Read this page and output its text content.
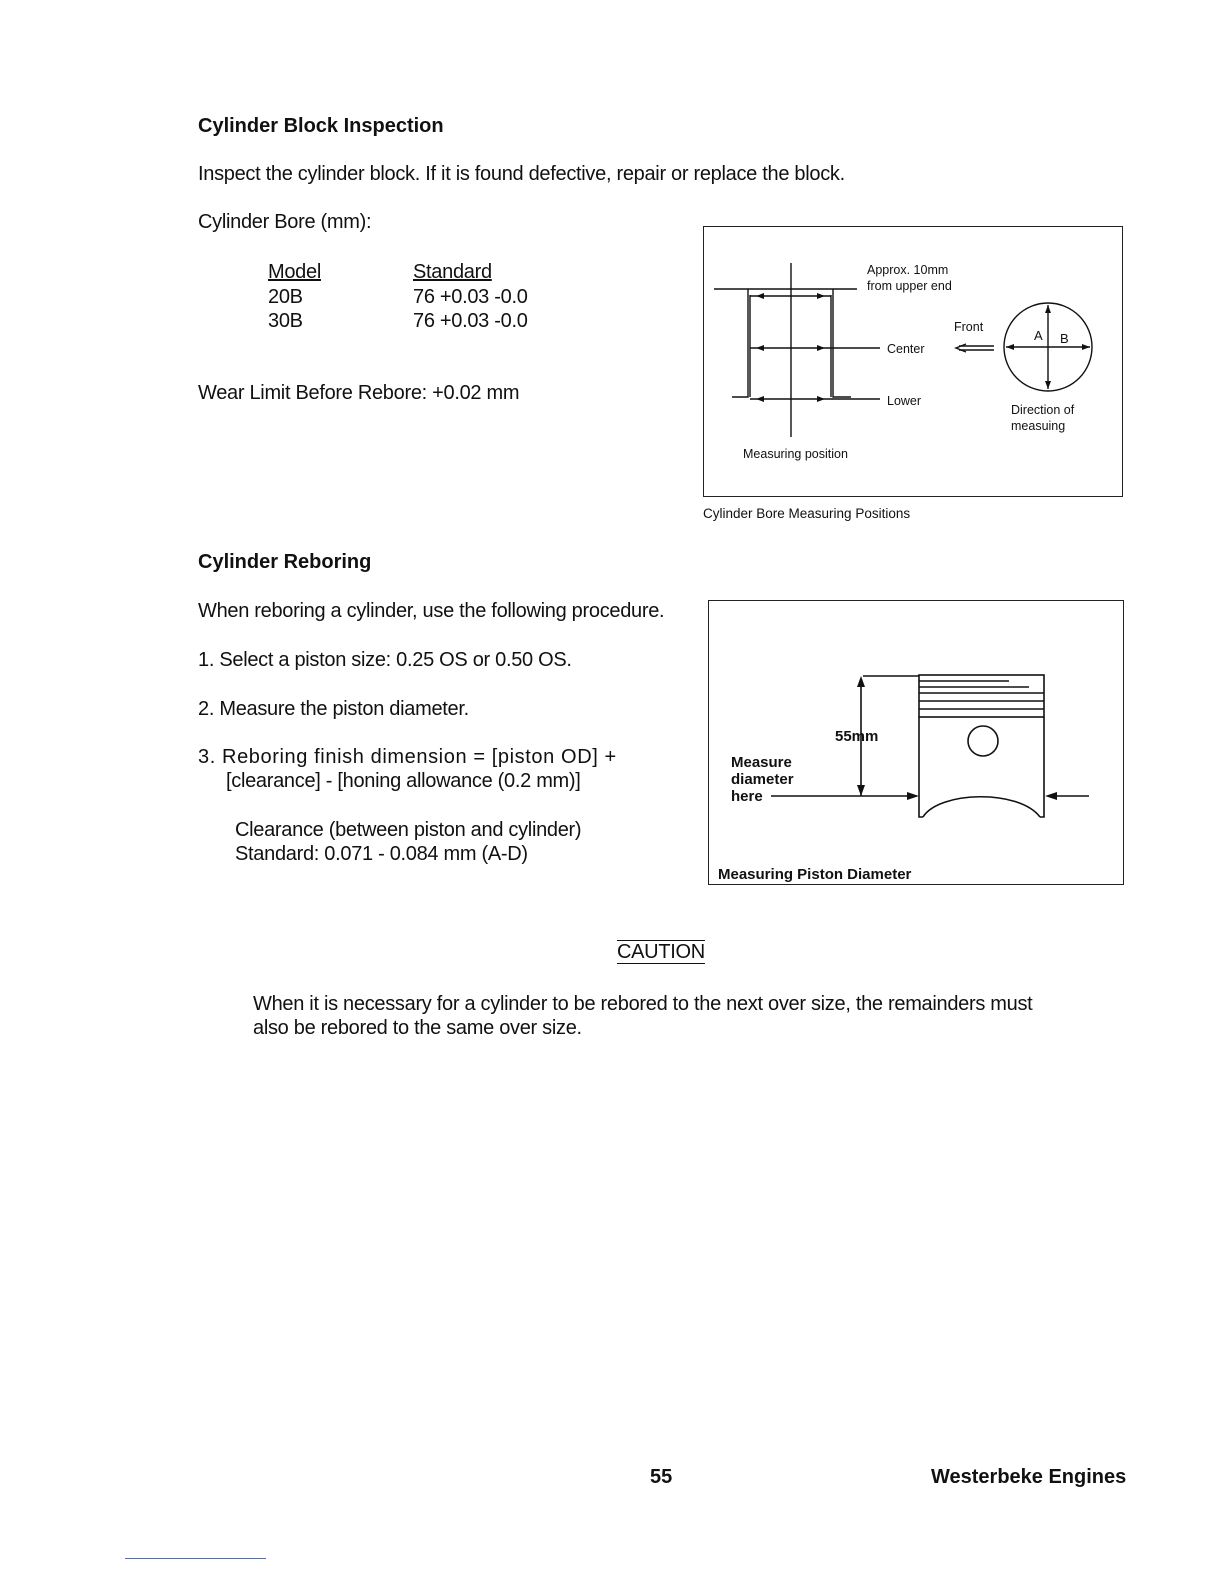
Cylinder Block Inspection
Inspect the cylinder block. If it is found defective, repair or replace the block.
Cylinder Bore (mm):
Model
20B
30B
Standard
76 +0.03 -0.0
76 +0.03 -0.0
Wear Limit Before Rebore: +0.02 mm
Approx. 10mm
from upper end
Front
Center
Lower
A B
Direction of
measuing
Measuring position
Cylinder Bore Measuring Positions
Cylinder Reboring
When reboring a cylinder, use the following procedure.
1. Select a piston size: 0.25 OS or 0.50 OS.
2. Measure the piston diameter.
3. Reboring finish dimension = [piston OD] +
[clearance] - [honing allowance (0.2 mm)]
Clearance (between piston and cylinder)
Standard: 0.071 - 0.084 mm (A-D)
55mm
Measure
diameter
here
Measuring Piston Diameter
CAUTION
When it is necessary for a cylinder to be rebored to the next over size, the remainders must
also be rebored to the same over size.
55	Westerbeke Engines
